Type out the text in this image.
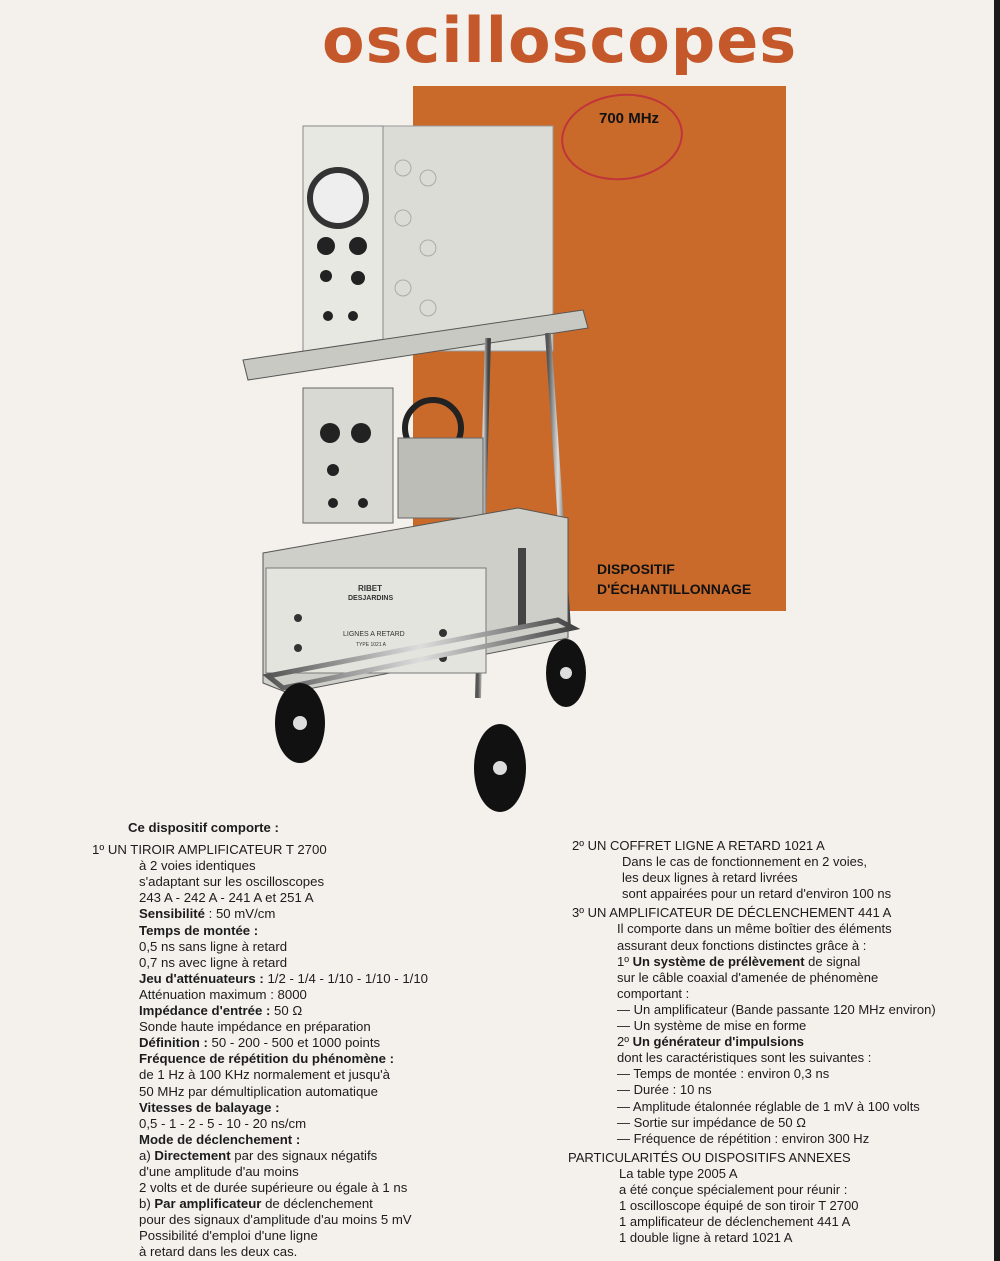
oscilloscopes
700 MHz
DISPOSITIF
D'ÉCHANTILLONNAGE
RIBET
DESJARDINS
LIGNES A RETARD
TYPE 1021 A
Ce dispositif comporte :
1º UN TIROIR AMPLIFICATEUR T 2700
à 2 voies identiques
s'adaptant sur les oscilloscopes
243 A - 242 A - 241 A et 251 A
Sensibilité : 50 mV/cm
Temps de montée :
0,5 ns sans ligne à retard
0,7 ns avec ligne à retard
Jeu d'atténuateurs : 1/2 - 1/4 - 1/10 - 1/10 - 1/10
Atténuation maximum : 8000
Impédance d'entrée : 50 Ω
Sonde haute impédance en préparation
Définition : 50 - 200 - 500 et 1000 points
Fréquence de répétition du phénomène :
de 1 Hz à 100 KHz normalement et jusqu'à
50 MHz par démultiplication automatique
Vitesses de balayage :
0,5 - 1 - 2 - 5 - 10 - 20 ns/cm
Mode de déclenchement :
a) Directement par des signaux négatifs
d'une amplitude d'au moins
2 volts et de durée supérieure ou égale à 1 ns
b) Par amplificateur de déclenchement
pour des signaux d'amplitude d'au moins 5 mV
Possibilité d'emploi d'une ligne
à retard dans les deux cas.
2º UN COFFRET LIGNE A RETARD 1021 A
Dans le cas de fonctionnement en 2 voies,
les deux lignes à retard livrées
sont appairées pour un retard d'environ 100 ns
3º UN AMPLIFICATEUR DE DÉCLENCHEMENT 441 A
Il comporte dans un même boîtier des éléments
assurant deux fonctions distinctes grâce à :
1º Un système de prélèvement de signal
sur le câble coaxial d'amenée de phénomène
comportant :
— Un amplificateur (Bande passante 120 MHz environ)
— Un système de mise en forme
2º Un générateur d'impulsions
dont les caractéristiques sont les suivantes :
— Temps de montée : environ 0,3 ns
— Durée : 10 ns
— Amplitude étalonnée réglable de 1 mV à 100 volts
— Sortie sur impédance de 50 Ω
— Fréquence de répétition : environ 300 Hz
PARTICULARITÉS OU DISPOSITIFS ANNEXES
La table type 2005 A
a été conçue spécialement pour réunir :
1 oscilloscope équipé de son tiroir T 2700
1 amplificateur de déclenchement 441 A
1 double ligne à retard 1021 A
